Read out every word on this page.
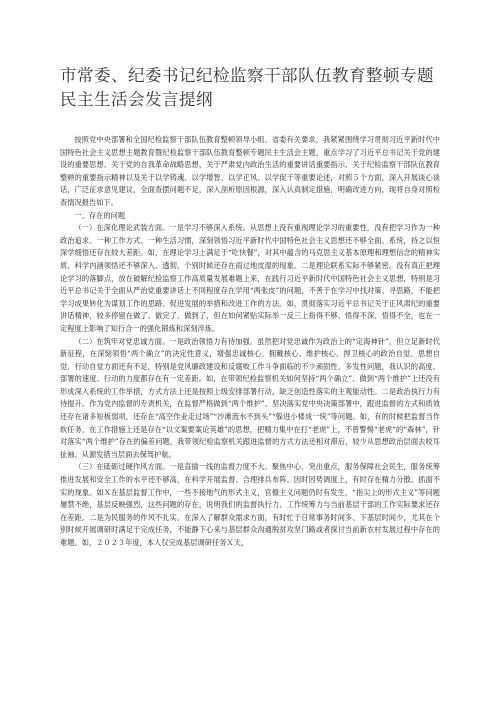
市常委、纪委书记纪检监察干部队伍教育整顿专题民主生活会发言提纲

按照党中央部署和全国纪检监察干部队伍教育整顿领导小组、省委有关要求，我紧紧围绕学习贯彻习近平新时代中国特色社会主义思想主题教育暨纪检监察干部队伍教育整顿专题民主生活会主题，重点学习了习近平总书记关于党的建设的重要思想、关于党的自我革命战略思想，关于严肃党内政治生活的重要讲话重要指示、关于纪检监察干部队伍教育整顿的重要指示精神以及关于以学铸魂、以学增智、以学正风、以学促干等重要论述，对照５个方面，深入开展谈心谈话，广泛征求意见建议，全面查摆问题不足，深入剖析原因根源，深入认真制定措施，明确改进方向，现将自身对照检查情况报告如下。

一、存在的问题

（一）在深化理论武装方面。一是学习不够深入系统。从思想上没有重视理论学习的重要性，没有把学习作为一种政治追求、一种工作方式、一种生活习惯，深刻领悟习近平新时代中国特色社会主义思想还不够全面、系统，持之以恒深学细悟还存在较大差距。如，在理论学习上满足于“吃快餐”，对其中蕴含的马克思主义基本原理和理想信念的精神实质、科学内涵领悟还不够深入、透彻，个别时候还存在雨过地皮湿的现象。二是理论联系实际不够紧密。没有真正把理论学习的落脚点，放在破解纪检监察工作高质量发展难题上来，在践行习近平新时代中国特色社会主义思想，特别是习近平总书记关于全面从严治党重要讲话上不同程度存在学用“两张皮”的问题，不善于在学习中找对策、寻思路，不能把学习成果转化为谋划工作的思路、促进发展的举措和改进工作的方法。如，贯彻落实习近平总书记关于正风肃纪的重要讲话精神，较多停留在做了、做完了、做到了，但在如何紧贴实际举一反三上指得不够、悟得不深、悟得不全，也在一定程度上影响了知行合一的强化锻炼和深刻淬炼。

（二）在筑牢对党忠诚方面。一是政治领悟力有待加强。虽然把对党忠诚作为政治上的“定海神针”，但立足新时代新征程，在深刻领悟“两个确立”的决定性意义，增强忠诚核心、拥戴核心、维护核心、捍卫核心的政治自觉、思想自觉、行动自觉方面还有不足，特别是党风廉政建设和反腐败工作斗争面临的不少顽固性、多发性问题，我认识的高度、部署的速度、行动的力度都存在有一定差距。如，在带领纪检监察机关如何坚持“两个确立”、做到“两个维护”上还没有形成深入系统的工作举措，方式方法上还是按照上级安排部署行动，缺乏创造性落实的主观能动性。二是政治执行力有待提升。作为党内监督的专责机关，在监督严格做到“两个维护”、坚决落实党中央决策部署中，跟进监督的方式和质效还存在诸多短板弱项，还存在“高空作业走过场”“沙滩流水不到头”“躲进小楼成一统”等问题。如，有的时候把监督当作软任务，在工作措施上还是存在“以文案要案论英雄”的思想，把精力集中在打“老虎”上，不曾警惕“老虎”的“森林”，针对落实“两个维护”存在的偏差问题，我带领纪检监察机关跟进监督的方式方法还相对滞后，较少从思想政治层面去咬耳扯袖、从源发措当层面去保驾护航。

（三）在砥砺过硬作风方面。一是直插一线的监督力度不大。聚焦中心、突出重点，服务保障社会民生，服务统筹推进发展和安全工作的水平还不够高，在科学开展监督、合理排兵布阵、因时因势调度上，有时存在精力分散、抓面不实的现象。如Ｘ在基层监督工作中，一些不接地气的形式主义，官僚主义问题仍时有发生，“指尖上的形式主义”等问题屡禁不绝，基层反映强烈，这些问题的存在，说明我们的监督执行力、工作统筹力与当前基层干部的工作实际要求还存在差距。二是为民服务的作风不扎实。在深入了解群众需求方面，有时忙于日常事务时间多、下基层时间少，尤其在个别时候开展调研时满足于完成任务，不能静下心来与基层群众沟通脱贫攻坚门路或者探讨当前新农村发展过程中存在的难题。如，２０２３年度，本人仅完成基层调研任务Ｘ天，
